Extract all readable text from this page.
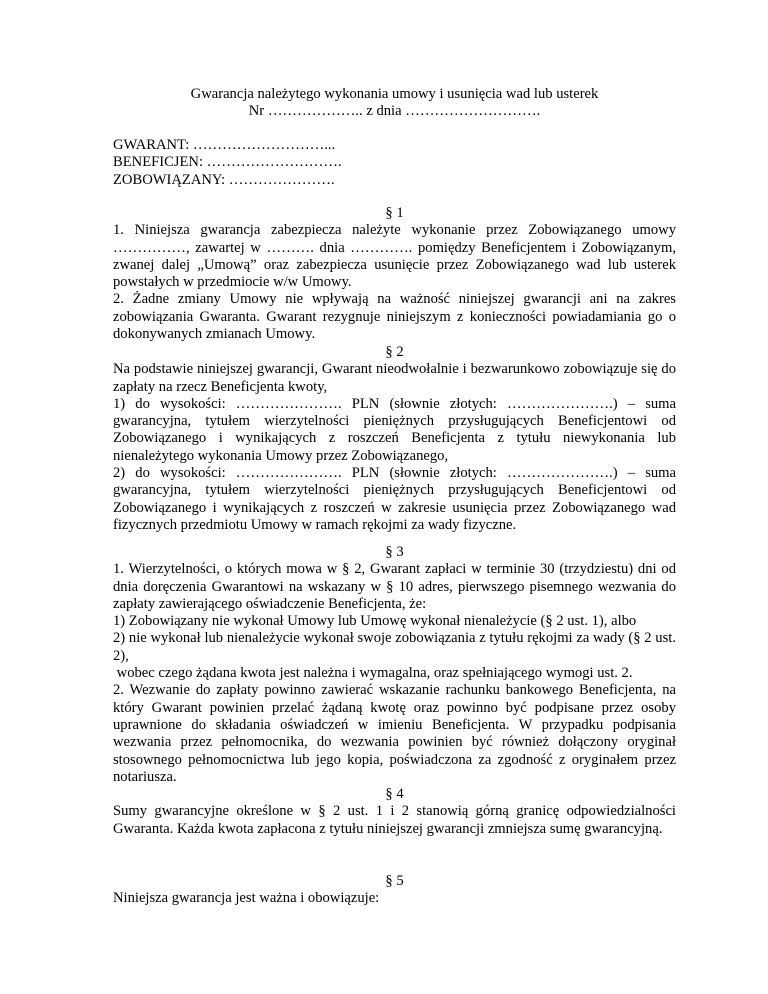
Gwarancja należytego wykonania umowy i usunięcia wad lub usterek
Nr ……………….. z dnia ……………………….
GWARANT: ………………………...
BENEFICJEN: ……………………….
ZOBOWIĄZANY: ………………….

§ 1

1. Niniejsza gwarancja zabezpiecza należyte wykonanie przez Zobowiązanego umowy ……………, zawartej w ………. dnia …………. pomiędzy Beneficjentem i Zobowiązanym, zwanej dalej „Umową” oraz zabezpiecza usunięcie przez Zobowiązanego wad lub usterek powstałych w przedmiocie w/w Umowy.

2. Żadne zmiany Umowy nie wpływają na ważność niniejszej gwarancji ani na zakres zobowiązania Gwaranta. Gwarant rezygnuje niniejszym z konieczności powiadamiania go o dokonywanych zmianach Umowy.

§ 2

Na podstawie niniejszej gwarancji, Gwarant nieodwołalnie i bezwarunkowo zobowiązuje się do zapłaty na rzecz Beneficjenta kwoty,

1) do wysokości: …………………. PLN (słownie złotych: ………………….) – suma gwarancyjna, tytułem wierzytelności pieniężnych przysługujących Beneficjentowi od Zobowiązanego i wynikających z roszczeń Beneficjenta z tytułu niewykonania lub nienależytego wykonania Umowy przez Zobowiązanego,

2) do wysokości: …………………. PLN (słownie złotych: ………………….) – suma gwarancyjna, tytułem wierzytelności pieniężnych przysługujących Beneficjentowi od Zobowiązanego i wynikających z roszczeń w zakresie usunięcia przez Zobowiązanego wad fizycznych przedmiotu Umowy w ramach rękojmi za wady fizyczne.

§ 3

1. Wierzytelności, o których mowa w § 2, Gwarant zapłaci w terminie 30 (trzydziestu) dni od dnia doręczenia Gwarantowi na wskazany w § 10 adres, pierwszego pisemnego wezwania do zapłaty zawierającego oświadczenie Beneficjenta, że:

1) Zobowiązany nie wykonał Umowy lub Umowę wykonał nienależycie (§ 2 ust. 1), albo

2) nie wykonał lub nienależycie wykonał swoje zobowiązania z tytułu rękojmi za wady (§ 2 ust. 2),

wobec czego żądana kwota jest należna i wymagalna, oraz spełniającego wymogi ust. 2.

2. Wezwanie do zapłaty powinno zawierać wskazanie rachunku bankowego Beneficjenta, na który Gwarant powinien przelać żądaną kwotę oraz powinno być podpisane przez osoby uprawnione do składania oświadczeń w imieniu Beneficjenta. W przypadku podpisania wezwania przez pełnomocnika, do wezwania powinien być również dołączony oryginał stosownego pełnomocnictwa lub jego kopia, poświadczona za zgodność z oryginałem przez notariusza.

§ 4

Sumy gwarancyjne określone w § 2 ust. 1 i 2 stanowią górną granicę odpowiedzialności Gwaranta. Każda kwota zapłacona z tytułu niniejszej gwarancji zmniejsza sumę gwarancyjną.

§ 5

Niniejsza gwarancja jest ważna i obowiązuje:
